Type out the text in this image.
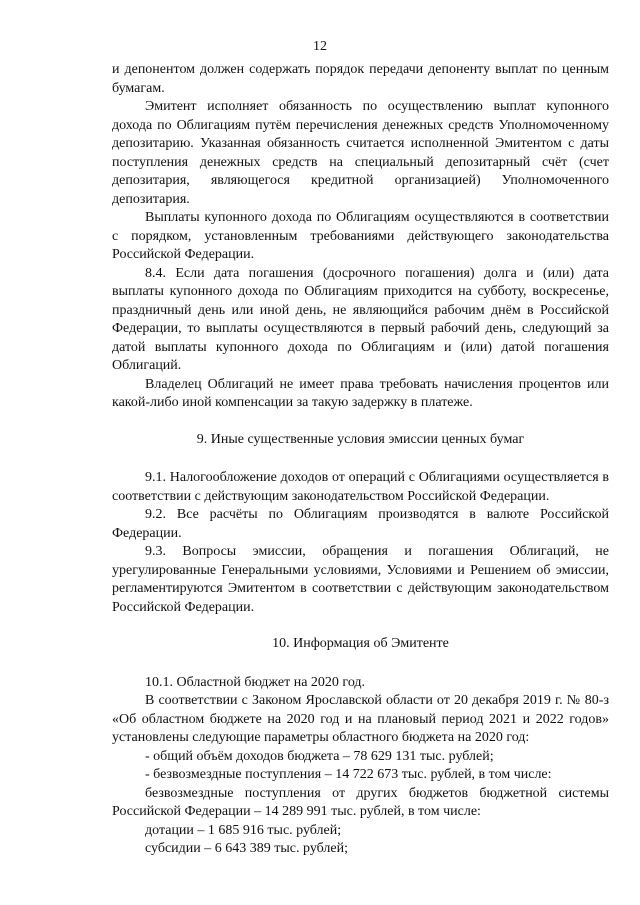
12

и депонентом должен содержать порядок передачи депоненту выплат по ценным бумагам.

Эмитент исполняет обязанность по осуществлению выплат купонного дохода по Облигациям путём перечисления денежных средств Уполномоченному депозитарию. Указанная обязанность считается исполненной Эмитентом с даты поступления денежных средств на специальный депозитарный счёт (счет депозитария, являющегося кредитной организацией) Уполномоченного депозитария.

Выплаты купонного дохода по Облигациям осуществляются в соответствии с порядком, установленным требованиями действующего законодательства Российской Федерации.

8.4. Если дата погашения (досрочного погашения) долга и (или) дата выплаты купонного дохода по Облигациям приходится на субботу, воскресенье, праздничный день или иной день, не являющийся рабочим днём в Российской Федерации, то выплаты осуществляются в первый рабочий день, следующий за датой выплаты купонного дохода по Облигациям и (или) датой погашения Облигаций.

Владелец Облигаций не имеет права требовать начисления процентов или какой-либо иной компенсации за такую задержку в платеже.

9. Иные существенные условия эмиссии ценных бумаг

9.1. Налогообложение доходов от операций с Облигациями осуществляется в соответствии с действующим законодательством Российской Федерации.

9.2. Все расчёты по Облигациям производятся в валюте Российской Федерации.

9.3. Вопросы эмиссии, обращения и погашения Облигаций, не урегулированные Генеральными условиями, Условиями и Решением об эмиссии, регламентируются Эмитентом в соответствии с действующим законодательством Российской Федерации.

10. Информация об Эмитенте

10.1. Областной бюджет на 2020 год.

В соответствии с Законом Ярославской области от 20 декабря 2019 г. № 80-з «Об областном бюджете на 2020 год и на плановый период 2021 и 2022 годов» установлены следующие параметры областного бюджета на 2020 год:

- общий объём доходов бюджета – 78 629 131 тыс. рублей;

- безвозмездные поступления – 14 722 673 тыс. рублей, в том числе:

безвозмездные поступления от других бюджетов бюджетной системы Российской Федерации – 14 289 991 тыс. рублей, в том числе:

дотации – 1 685 916 тыс. рублей;

субсидии – 6 643 389 тыс. рублей;
